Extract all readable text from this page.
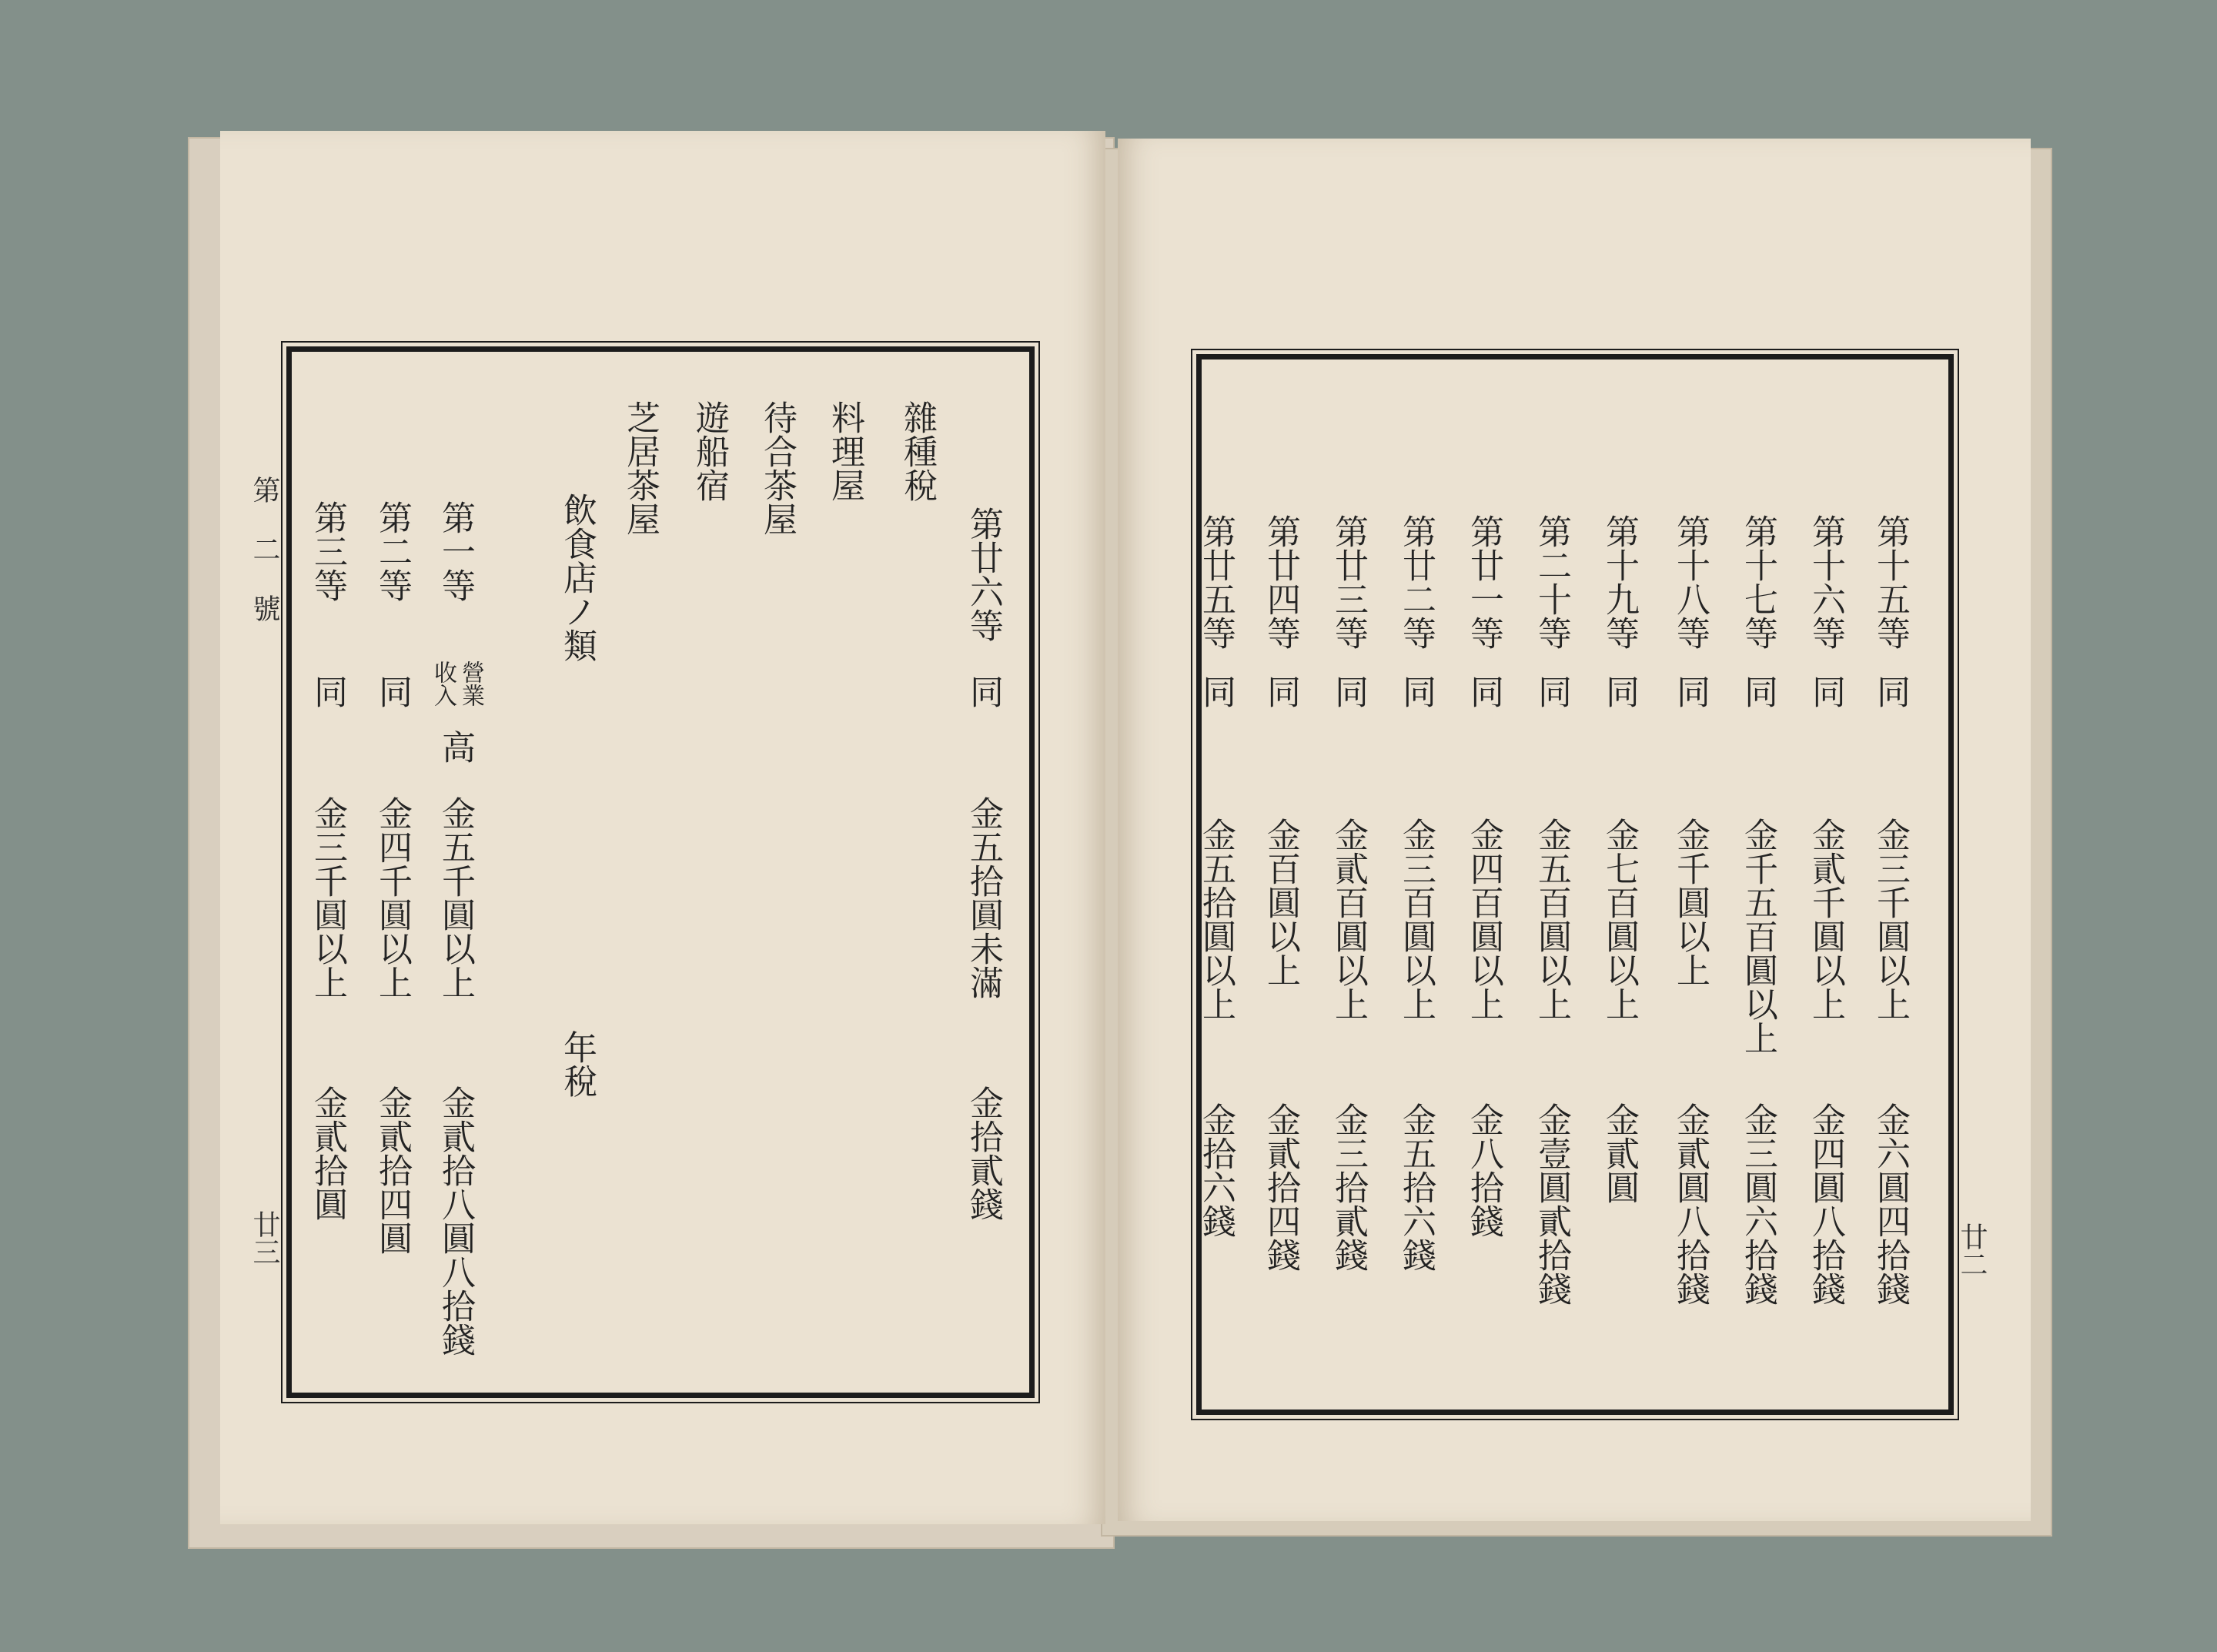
第 二 號
廿三	廿二
第廿六等
同
金五拾圓未滿
金拾貳錢
雜種稅
料理屋
待合茶屋
遊船宿
芝居茶屋
飲食店ノ類
年稅
第一等
營業
收入
高
金五千圓以上
金貳拾八圓八拾錢
第二等
同
金四千圓以上
金貳拾四圓
第三等
同
金三千圓以上
金貳拾圓
第十五等
同
金三千圓以上
金六圓四拾錢
第十六等
同
金貳千圓以上
金四圓八拾錢
第十七等
同
金千五百圓以上
金三圓六拾錢
第十八等
同
金千圓以上
金貳圓八拾錢
第十九等
同
金七百圓以上
金貳圓
第二十等
同
金五百圓以上
金壹圓貳拾錢
第廿一等
同
金四百圓以上
金八拾錢
第廿二等
同
金三百圓以上
金五拾六錢
第廿三等
同
金貳百圓以上
金三拾貳錢
第廿四等
同
金百圓以上
金貳拾四錢
第廿五等
同
金五拾圓以上
金拾六錢
